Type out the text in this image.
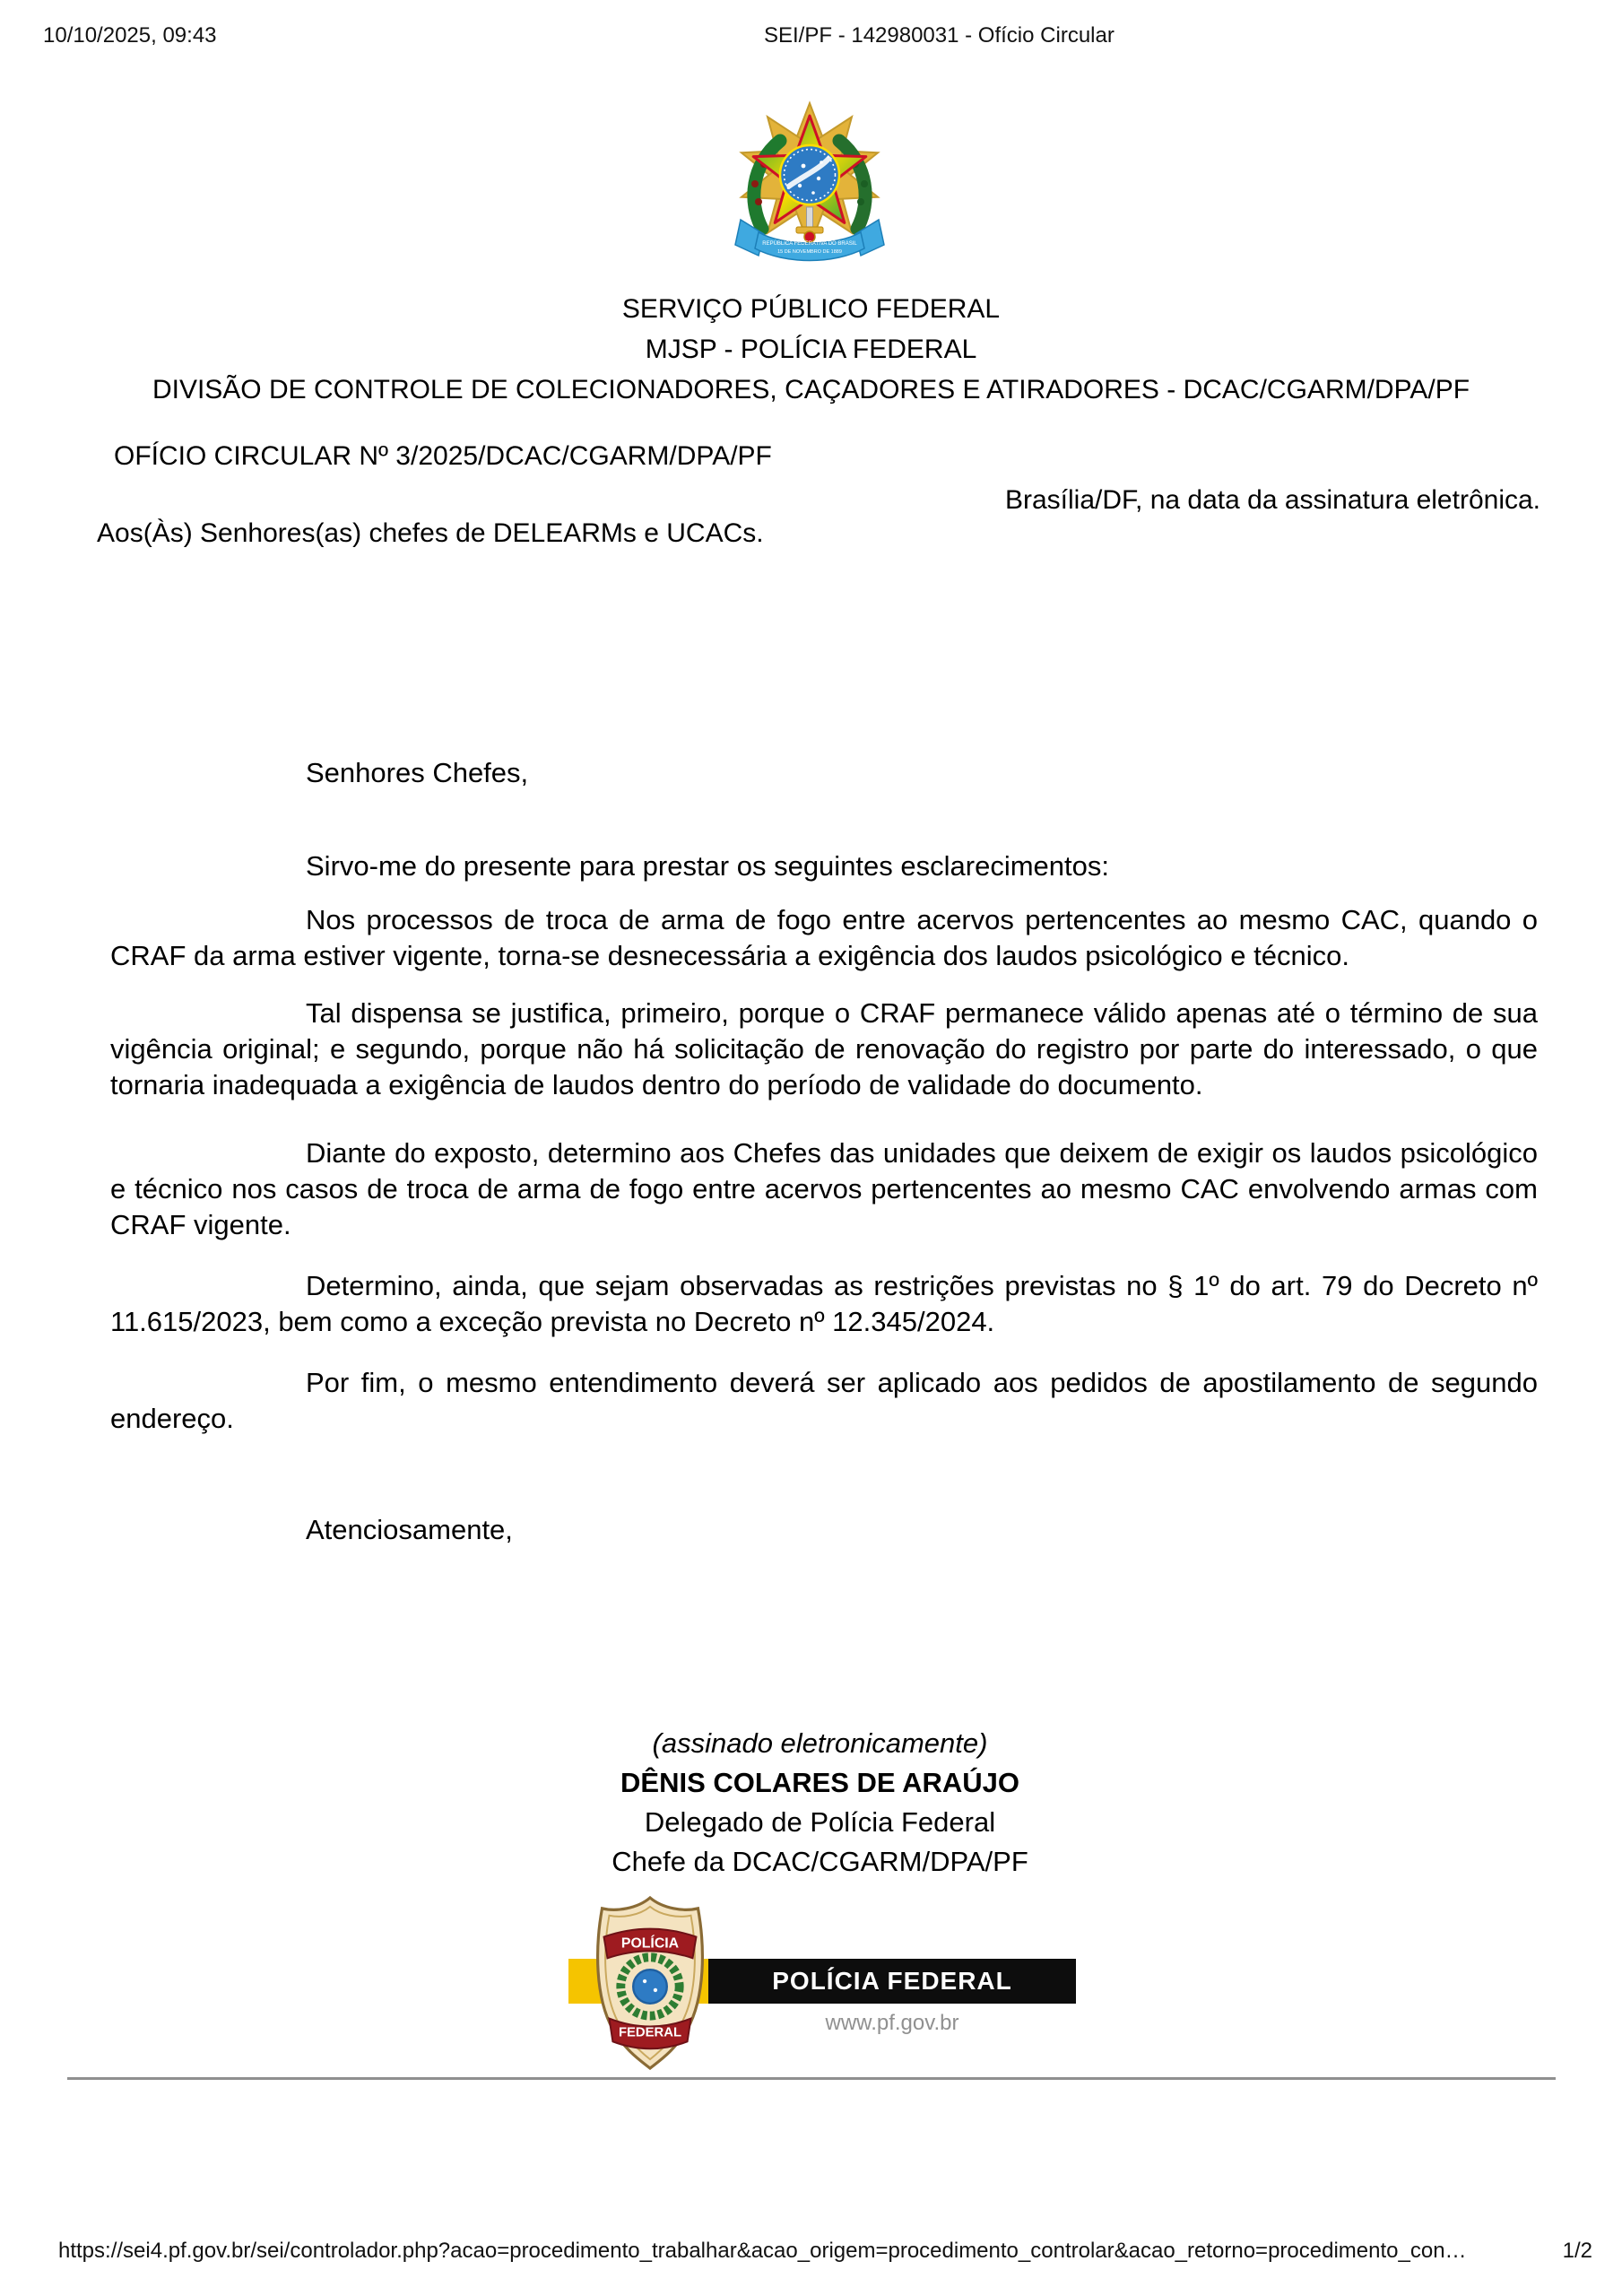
10/10/2025, 09:43	SEI/PF - 142980031 - Ofício Circular
REPÚBLICA FEDERATIVA DO BRASIL
15 DE NOVEMBRO DE 1889
SERVIÇO PÚBLICO FEDERAL
MJSP - POLÍCIA FEDERAL
DIVISÃO DE CONTROLE DE COLECIONADORES, CAÇADORES E ATIRADORES - DCAC/CGARM/DPA/PF
OFÍCIO CIRCULAR Nº 3/2025/DCAC/CGARM/DPA/PF
Brasília/DF, na data da assinatura eletrônica.
Aos(Às) Senhores(as) chefes de DELEARMs e UCACs.

Senhores Chefes,

Sirvo-me do presente para prestar os seguintes esclarecimentos:

Nos processos de troca de arma de fogo entre acervos pertencentes ao mesmo CAC, quando o CRAF da arma estiver vigente, torna-se desnecessária a exigência dos laudos psicológico e técnico.

Tal dispensa se justifica, primeiro, porque o CRAF permanece válido apenas até o término de sua vigência original; e segundo, porque não há solicitação de renovação do registro por parte do interessado, o que tornaria inadequada a exigência de laudos dentro do período de validade do documento.

Diante do exposto, determino aos Chefes das unidades que deixem de exigir os laudos psicológico e técnico nos casos de troca de arma de fogo entre acervos pertencentes ao mesmo CAC envolvendo armas com CRAF vigente.

Determino, ainda, que sejam observadas as restrições previstas no § 1º do art. 79 do Decreto nº 11.615/2023, bem como a exceção prevista no Decreto nº 12.345/2024.

Por fim, o mesmo entendimento deverá ser aplicado aos pedidos de apostilamento de segundo endereço.

Atenciosamente,

(assinado eletronicamente)
DÊNIS COLARES DE ARAÚJO
Delegado de Polícia Federal
Chefe da DCAC/CGARM/DPA/PF
POLÍCIA FEDERAL
www.pf.gov.br
POLÍCIA
FEDERAL
https://sei4.pf.gov.br/sei/controlador.php?acao=procedimento_trabalhar&acao_origem=procedimento_controlar&acao_retorno=procedimento_con…	1/2
